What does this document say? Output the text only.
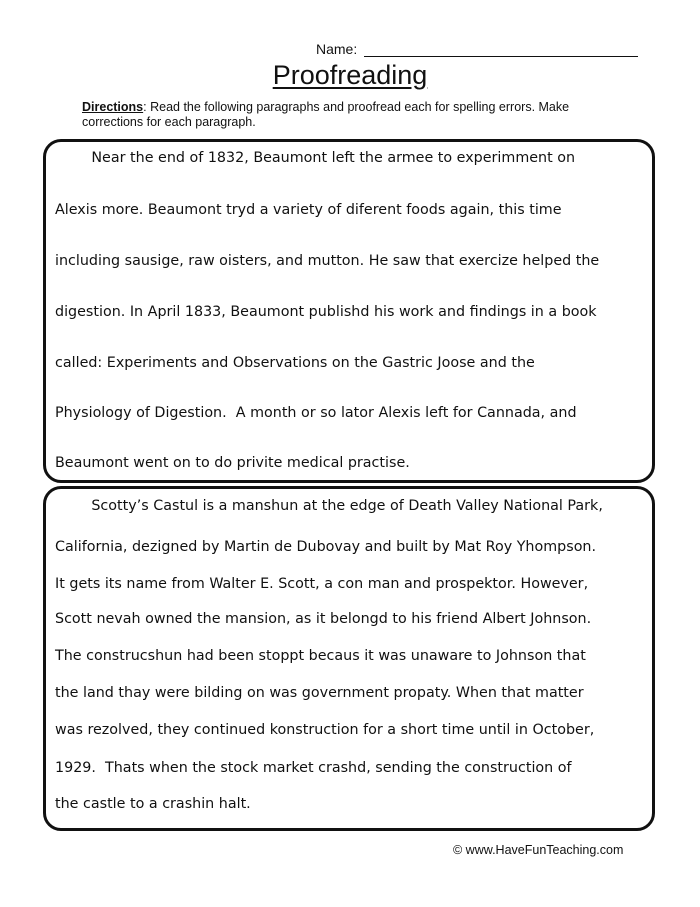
Name:
Proofreading
Directions: Read the following paragraphs and proofread each for spelling errors. Make
corrections for each paragraph.
Near the end of 1832, Beaumont left the armee to experimment on
Alexis more. Beaumont tryd a variety of diferent foods again, this time
including sausige, raw oisters, and mutton. He saw that exercize helped the
digestion. In April 1833, Beaumont publishd his work and findings in a book
called: Experiments and Observations on the Gastric Joose and the
Physiology of Digestion.  A month or so lator Alexis left for Cannada, and
Beaumont went on to do privite medical practise.
Scotty’s Castul is a manshun at the edge of Death Valley National Park,
California, dezigned by Martin de Dubovay and built by Mat Roy Yhompson.
It gets its name from Walter E. Scott, a con man and prospektor. However,
Scott nevah owned the mansion, as it belongd to his friend Albert Johnson.
The construcshun had been stoppt becaus it was unaware to Johnson that
the land thay were bilding on was government propaty. When that matter
was rezolved, they continued konstruction for a short time until in October,
1929.  Thats when the stock market crashd, sending the construction of
the castle to a crashin halt.
© www.HaveFunTeaching.com
